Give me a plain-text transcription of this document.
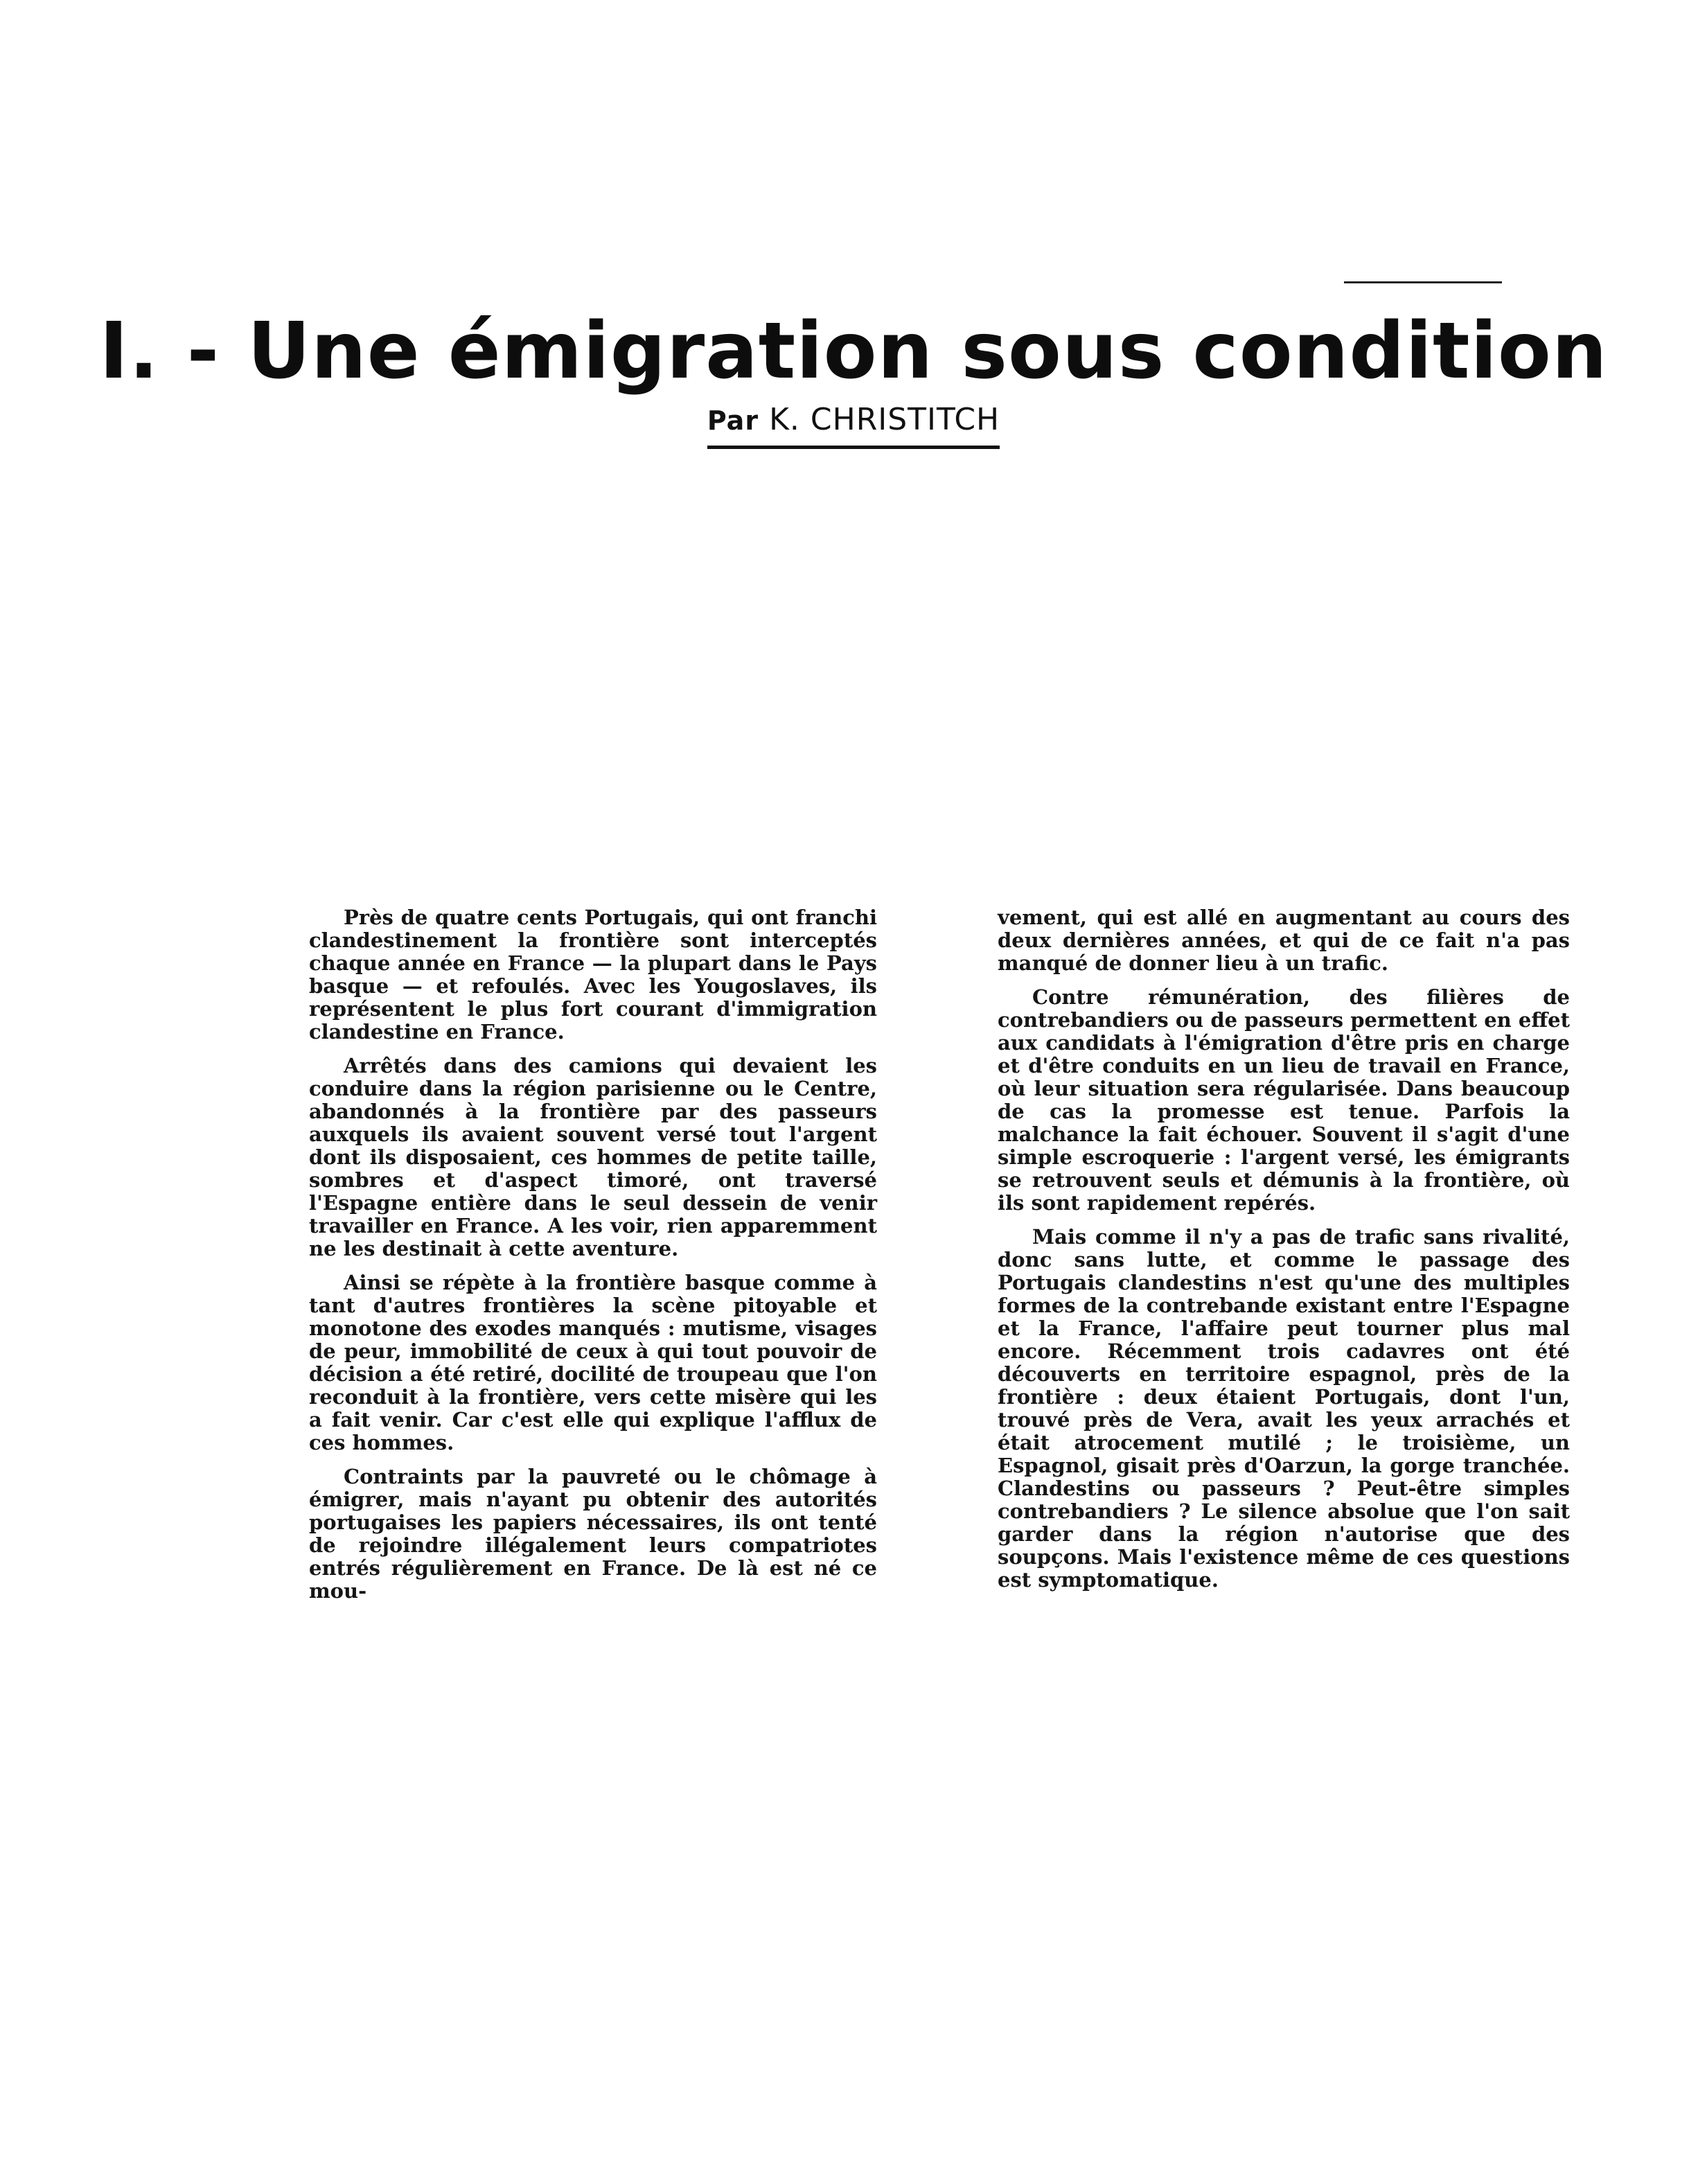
I. - Une émigration sous condition
Par K. CHRISTITCH

Près de quatre cents Portugais, qui ont franchi clandestinement la frontière sont interceptés chaque année en France — la plupart dans le Pays basque — et refoulés. Avec les Yougoslaves, ils représentent le plus fort courant d'immigration clandestine en France.

Arrêtés dans des camions qui devaient les conduire dans la région parisienne ou le Centre, abandonnés à la frontière par des passeurs auxquels ils avaient souvent versé tout l'argent dont ils disposaient, ces hommes de petite taille, sombres et d'aspect timoré, ont traversé l'Espagne entière dans le seul dessein de venir travailler en France. A les voir, rien apparemment ne les destinait à cette aventure.

Ainsi se répète à la frontière basque comme à tant d'autres frontières la scène pitoyable et monotone des exodes manqués : mutisme, visages de peur, immobilité de ceux à qui tout pouvoir de décision a été retiré, docilité de troupeau que l'on reconduit à la frontière, vers cette misère qui les a fait venir. Car c'est elle qui explique l'afflux de ces hommes.

Contraints par la pauvreté ou le chômage à émigrer, mais n'ayant pu obtenir des autorités portugaises les papiers nécessaires, ils ont tenté de rejoindre illégalement leurs compatriotes entrés régulièrement en France. De là est né ce mou-

vement, qui est allé en augmentant au cours des deux dernières années, et qui de ce fait n'a pas manqué de donner lieu à un trafic.

Contre rémunération, des filières de contrebandiers ou de passeurs permettent en effet aux candidats à l'émigration d'être pris en charge et d'être conduits en un lieu de travail en France, où leur situation sera régularisée. Dans beaucoup de cas la promesse est tenue. Parfois la malchance la fait échouer. Souvent il s'agit d'une simple escroquerie : l'argent versé, les émigrants se retrouvent seuls et démunis à la frontière, où ils sont rapidement repérés.

Mais comme il n'y a pas de trafic sans rivalité, donc sans lutte, et comme le passage des Portugais clandestins n'est qu'une des multiples formes de la contrebande existant entre l'Espagne et la France, l'affaire peut tourner plus mal encore. Récemment trois cadavres ont été découverts en territoire espagnol, près de la frontière : deux étaient Portugais, dont l'un, trouvé près de Vera, avait les yeux arrachés et était atrocement mutilé ; le troisième, un Espagnol, gisait près d'Oarzun, la gorge tranchée. Clandestins ou passeurs ? Peut-être simples contrebandiers ? Le silence absolue que l'on sait garder dans la région n'autorise que des soupçons. Mais l'existence même de ces questions est symptomatique.
